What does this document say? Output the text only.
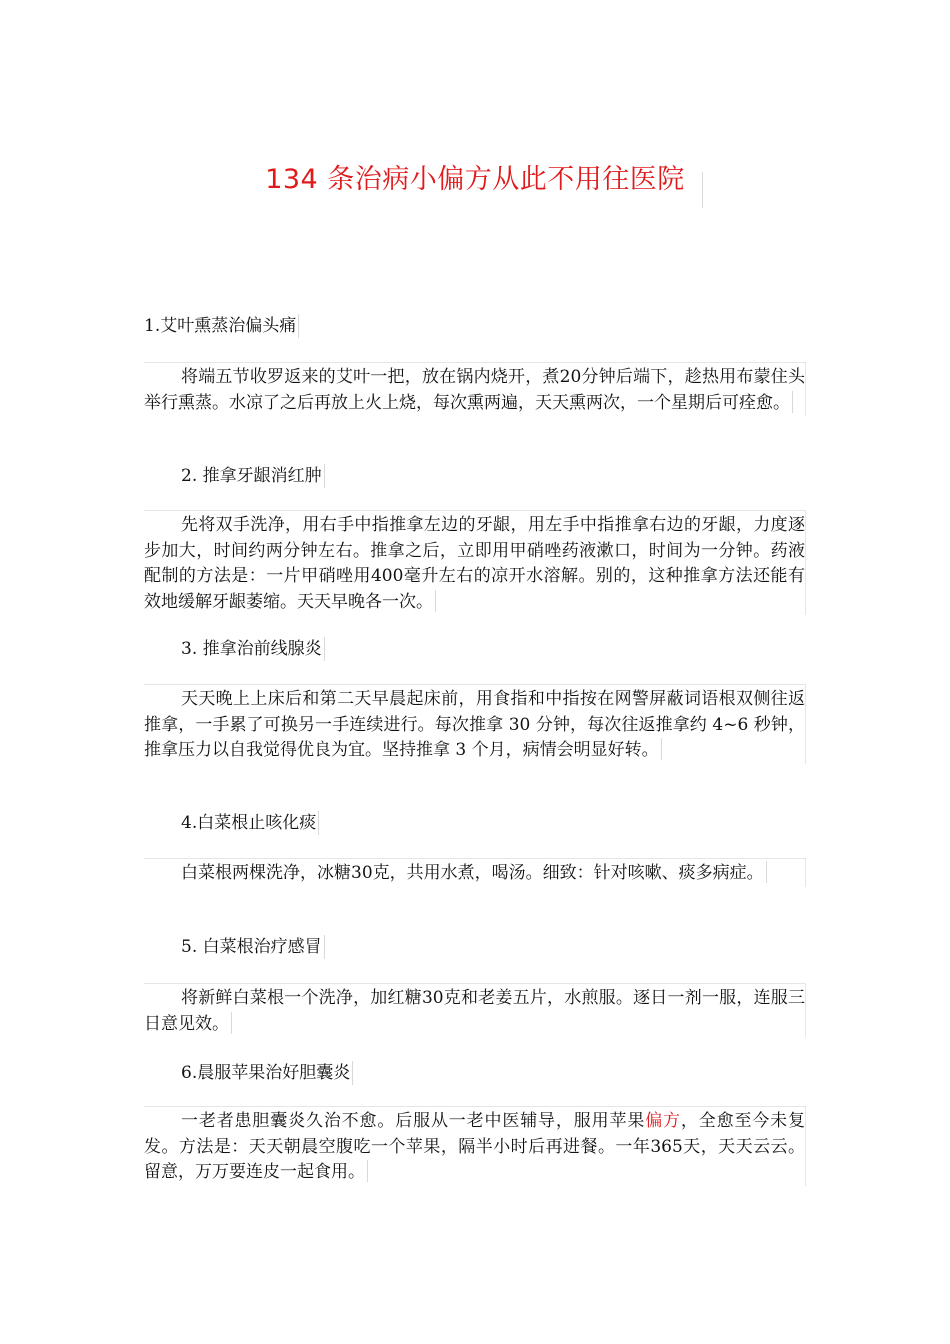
134 条治病小偏方从此不用往医院
1.艾叶熏蒸治偏头痛
将端五节收罗返来的艾叶一把，放在锅内烧开，煮20分钟后端下，趁热用布蒙住头举行熏蒸。水凉了之后再放上火上烧，每次熏两遍，天天熏两次，一个星期后可痊愈。
2. 推拿牙龈消红肿
先将双手洗净，用右手中指推拿左边的牙龈，用左手中指推拿右边的牙龈，力度逐步加大，时间约两分钟左右。推拿之后，立即用甲硝唑药液漱口，时间为一分钟。药液配制的方法是：一片甲硝唑用400毫升左右的凉开水溶解。别的，这种推拿方法还能有效地缓解牙龈萎缩。天天早晚各一次。
3. 推拿治前线腺炎
天天晚上上床后和第二天早晨起床前，用食指和中指按在网警屏蔽词语根双侧往返推拿，一手累了可换另一手连续进行。每次推拿 30 分钟，每次往返推拿约 4~6 秒钟，推拿压力以自我觉得优良为宜。坚持推拿 3 个月，病情会明显好转。
4.白菜根止咳化痰
白菜根两棵洗净，冰糖30克，共用水煮，喝汤。细致：针对咳嗽、痰多病症。
5. 白菜根治疗感冒
将新鲜白菜根一个洗净，加红糖30克和老姜五片，水煎服。逐日一剂一服，连服三日意见效。
6.晨服苹果治好胆囊炎
一老者患胆囊炎久治不愈。后服从一老中医辅导，服用苹果偏方，全愈至今未复发。方法是：天天朝晨空腹吃一个苹果，隔半小时后再进餐。一年365天，天天云云。留意，万万要连皮一起食用。
